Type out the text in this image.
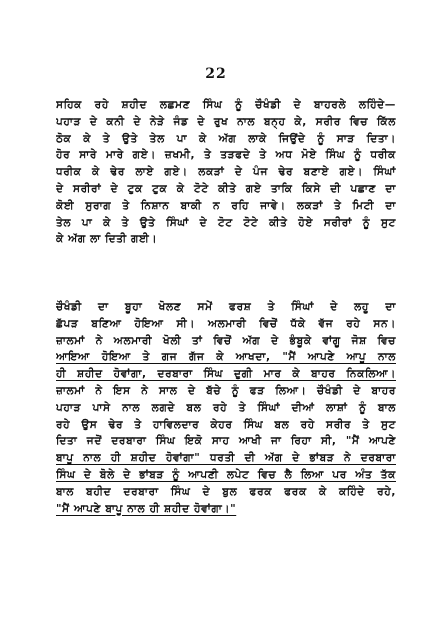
22
ਸਹਿਕ ਰਹੇ ਸ਼ਹੀਦ ਲਛਮਣ ਸਿੰਘ ਨੂੰ ਚੌਖੰਡੀ ਦੇ ਬਾਹਰਲੇ ਲਹਿੰਦੇ—
ਪਹਾੜ ਦੇ ਕਨੀ ਦੇ ਨੇੜੇ ਜੰਡ ਦੇ ਰੁਖ ਨਾਲ ਬਨ੍ਹ ਕੇ, ਸਰੀਰ ਵਿਚ ਕਿੱਲ
ਠੋਕ ਕੇ ਤੇ ਉਤੇ ਤੇਲ ਪਾ ਕੇ ਅੱਗ ਲਾਕੇ ਜਿਉਂਦੇ ਨੂੰ ਸਾੜ ਦਿਤਾ।
ਹੋਰ ਸਾਰੇ ਮਾਰੇ ਗਏ। ਜ਼ਖਮੀ, ਤੇ ਤੜਫਦੇ ਤੇ ਅਧ ਮੋਏ ਸਿੰਘ ਨੂੰ ਧਰੀਕ
ਧਰੀਕ ਕੇ ਢੇਰ ਲਾਏ ਗਏ। ਲਕੜਾਂ ਦੇ ਪੰਜ ਢੇਰ ਬਣਾਏ ਗਏ। ਸਿੰਘਾਂ
ਦੇ ਸਰੀਰਾਂ ਦੇ ਟੁਕ ਟੁਕ ਕੇ ਟੋਟੇ ਕੀਤੇ ਗਏ ਤਾਕਿ ਕਿਸੇ ਦੀ ਪਛਾਣ ਦਾ
ਕੋਈ ਸੁਰਾਗ ਤੇ ਨਿਸ਼ਾਨ ਬਾਕੀ ਨ ਰਹਿ ਜਾਵੇ। ਲਕੜਾਂ ਤੇ ਮਿਟੀ ਦਾ
ਤੇਲ ਪਾ ਕੇ ਤੇ ਉਤੇ ਸਿੰਘਾਂ ਦੇ ਟੋਟ ਟੋਟੇ ਕੀਤੇ ਹੋਏ ਸਰੀਰਾਂ ਨੂੰ ਸੁਟ
ਕੇ ਅੱਗ ਲਾ ਦਿਤੀ ਗਈ।
ਚੌਖੰਡੀ ਦਾ ਬੂਹਾ ਖੋਲਣ ਸਮੇਂ ਫਰਸ਼ ਤੇ ਸਿੰਘਾਂ ਦੇ ਲਹੂ ਦਾ
ਛੱਪੜ ਬਣਿਆ ਹੋਇਆ ਸੀ। ਅਲਮਾਰੀ ਵਿਚੋਂ ਧੱਕੇ ਵੱਜ ਰਹੇ ਸਨ।
ਜ਼ਾਲਮਾਂ ਨੇ ਅਲਮਾਰੀ ਖੋਲੀ ਤਾਂ ਵਿਚੋਂ ਅੱਗ ਦੇ ਭੰਬੂਕੇ ਵਾਂਗੂ ਜੋਸ਼ ਵਿਚ
ਆਇਆ ਹੋਇਆ ਤੇ ਗਜ ਗੱਜ ਕੇ ਆਖਦਾ, "ਮੈਂ ਆਪਣੇ ਆਪੂ ਨਾਲ
ਹੀ ਸ਼ਹੀਦ ਹੋਵਾਂਗਾ, ਦਰਬਾਰਾ ਸਿੰਘ ਦੁਗੀ ਮਾਰ ਕੇ ਬਾਹਰ ਨਿਕਲਿਆ।
ਜ਼ਾਲਮਾਂ ਨੇ ਇਸ ਨੇ ਸਾਲ ਦੇ ਬੱਚੇ ਨੂੰ ਫੜ ਲਿਆ। ਚੌਖੰਡੀ ਦੇ ਬਾਹਰ
ਪਹਾੜ ਪਾਸੇ ਨਾਲ ਲਗਦੇ ਬਲ ਰਹੇ ਤੇ ਸਿੰਘਾਂ ਦੀਆਂ ਲਾਸ਼ਾਂ ਨੂੰ ਬਾਲ
ਰਹੇ ਉਸ ਢੇਰ ਤੇ ਹਾਵਿਲਦਾਰ ਕੇਹਰ ਸਿੰਘ ਬਲ ਰਹੇ ਸਰੀਰ ਤੇ ਸੁਟ
ਦਿਤਾ ਜਦੋਂ ਦਰਬਾਰਾ ਸਿੰਘ ਇਕੋ ਸਾਹ ਆਖੀ ਜਾ ਰਿਹਾ ਸੀ, "ਮੈਂ ਆਪਣੇ
ਬਾਪੂ ਨਾਲ ਹੀ ਸ਼ਹੀਦ ਹੋਵਾਂਗਾ" ਧਰਤੀ ਦੀ ਅੱਗ ਦੇ ਭਾਂਬੜ ਨੇ ਦਰਬਾਰਾ
ਸਿੰਘ ਦੇ ਬੋਲੇ ਦੇ ਭਾਂਬੜ ਨੂੰ ਆਪਣੀ ਲਪੇਟ ਵਿਚ ਲੈ ਲਿਆ ਪਰ ਅੰਤ ਤੱਕ
ਬਾਲ ਬਹੀਦ ਦਰਬਾਰਾ ਸਿੰਘ ਦੇ ਬੁਲ ਫਰਕ ਫਰਕ ਕੇ ਕਹਿੰਦੇ ਰਹੇ,
"ਮੈਂ ਆਪਣੇ ਬਾਪੂ ਨਾਲ ਹੀ ਸ਼ਹੀਦ ਹੋਵਾਂਗਾ।"
